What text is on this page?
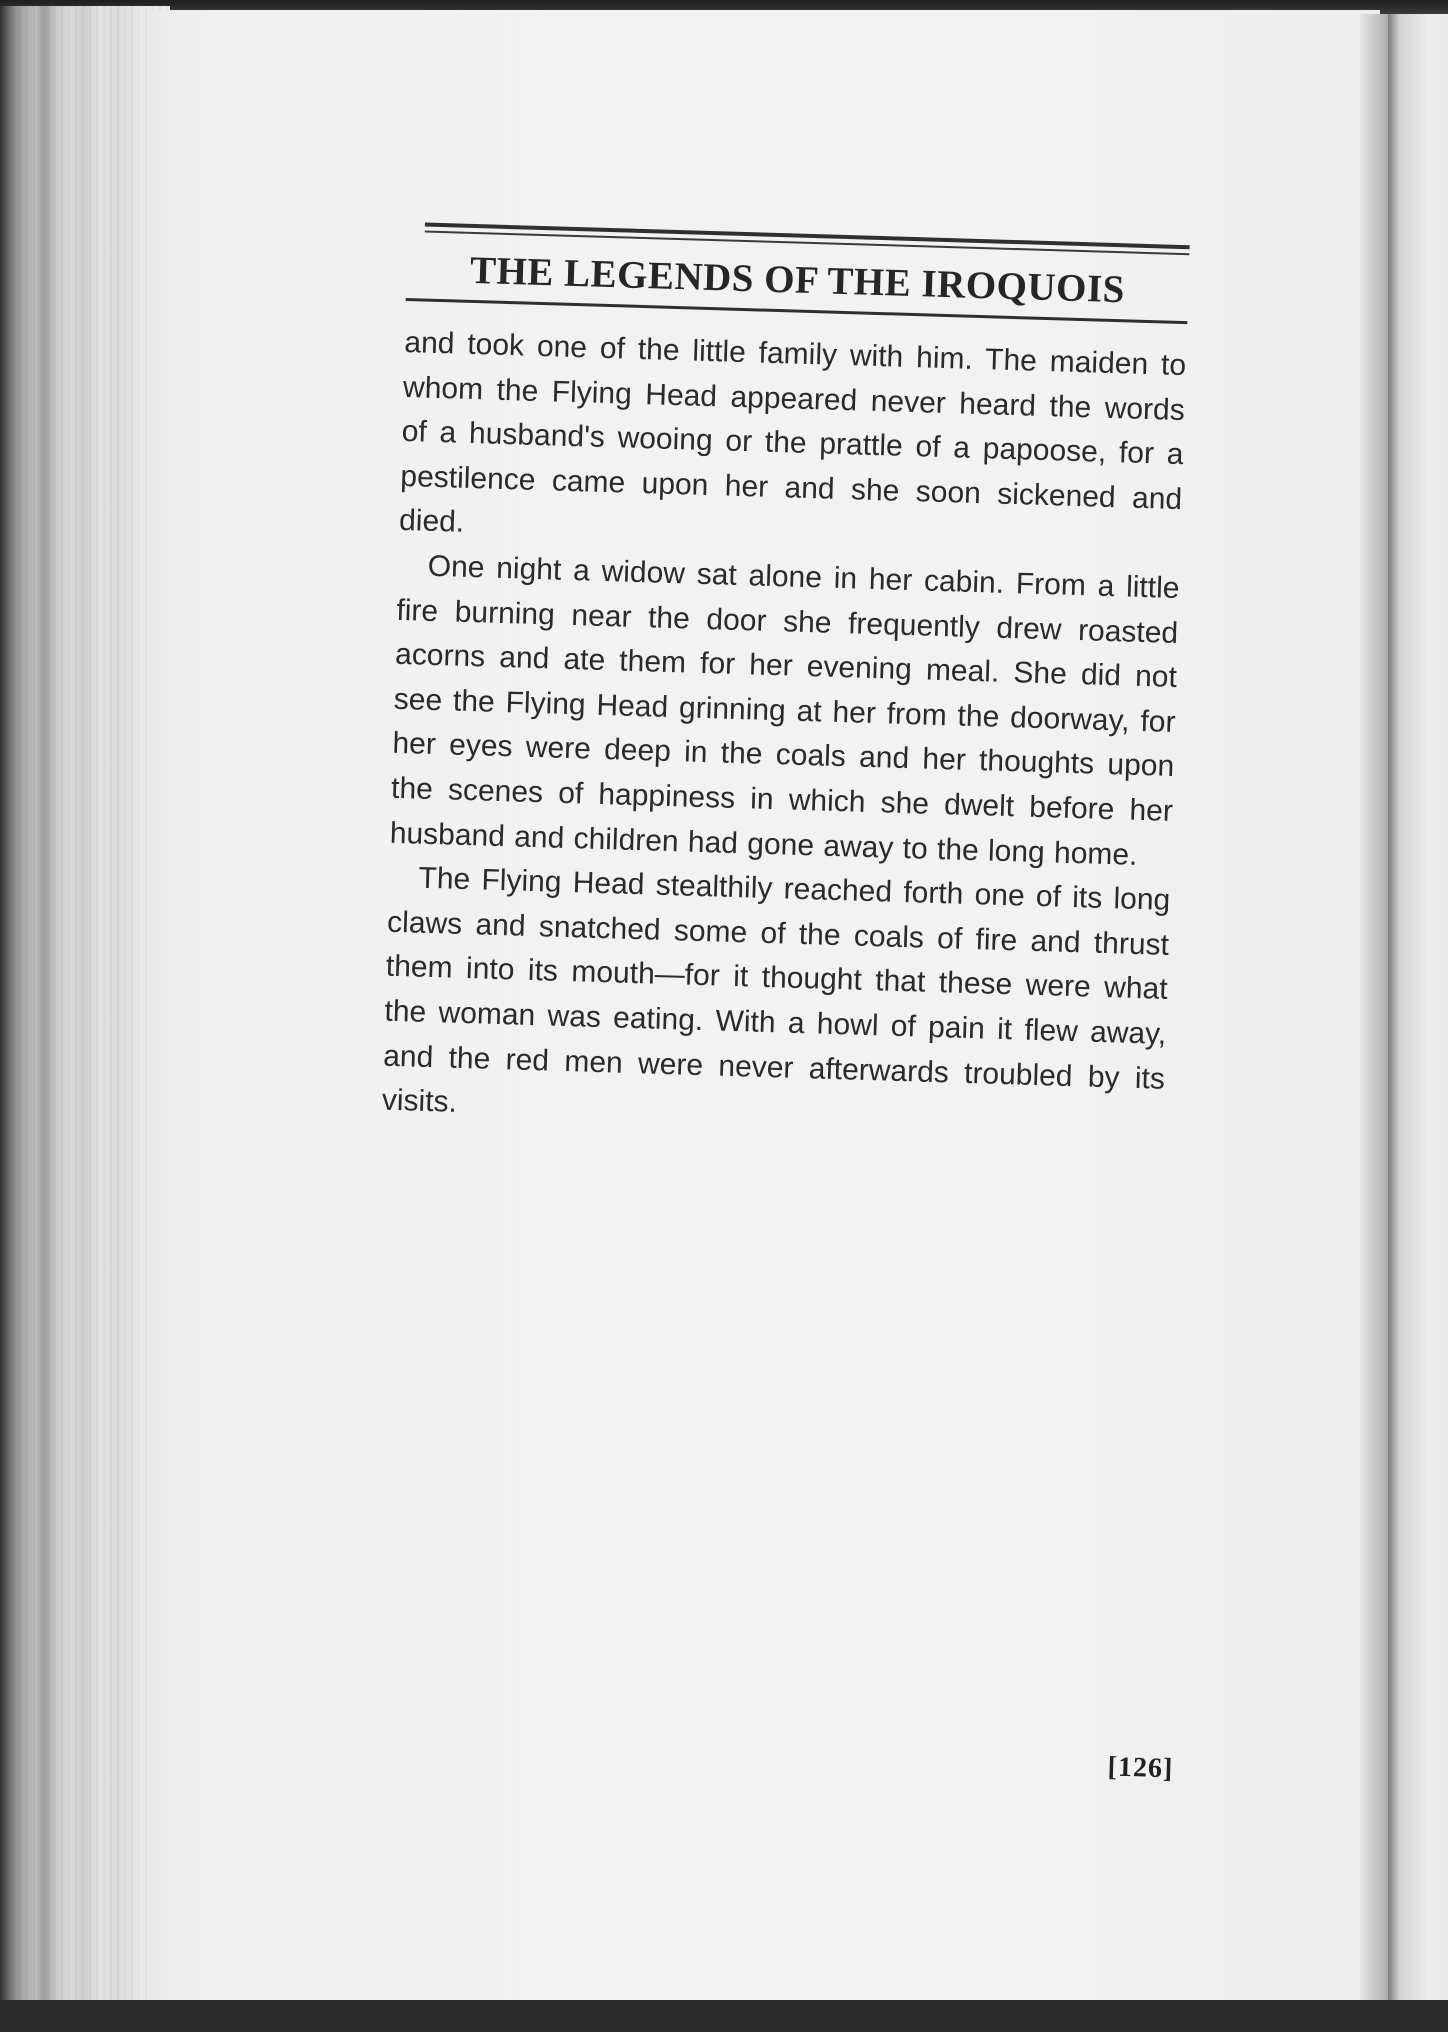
THE LEGENDS OF THE IROQUOIS

and took one of the little family with him. The maiden to whom the Flying Head appeared never heard the words of a husband's wooing or the prattle of a papoose, for a pestilence came upon her and she soon sickened and died.

One night a widow sat alone in her cabin. From a little fire burning near the door she frequently drew roasted acorns and ate them for her evening meal. She did not see the Flying Head grinning at her from the doorway, for her eyes were deep in the coals and her thoughts upon the scenes of happiness in which she dwelt before her husband and children had gone away to the long home.

The Flying Head stealthily reached forth one of its long claws and snatched some of the coals of fire and thrust them into its mouth—for it thought that these were what the woman was eating. With a howl of pain it flew away, and the red men were never afterwards troubled by its visits.

[126]
